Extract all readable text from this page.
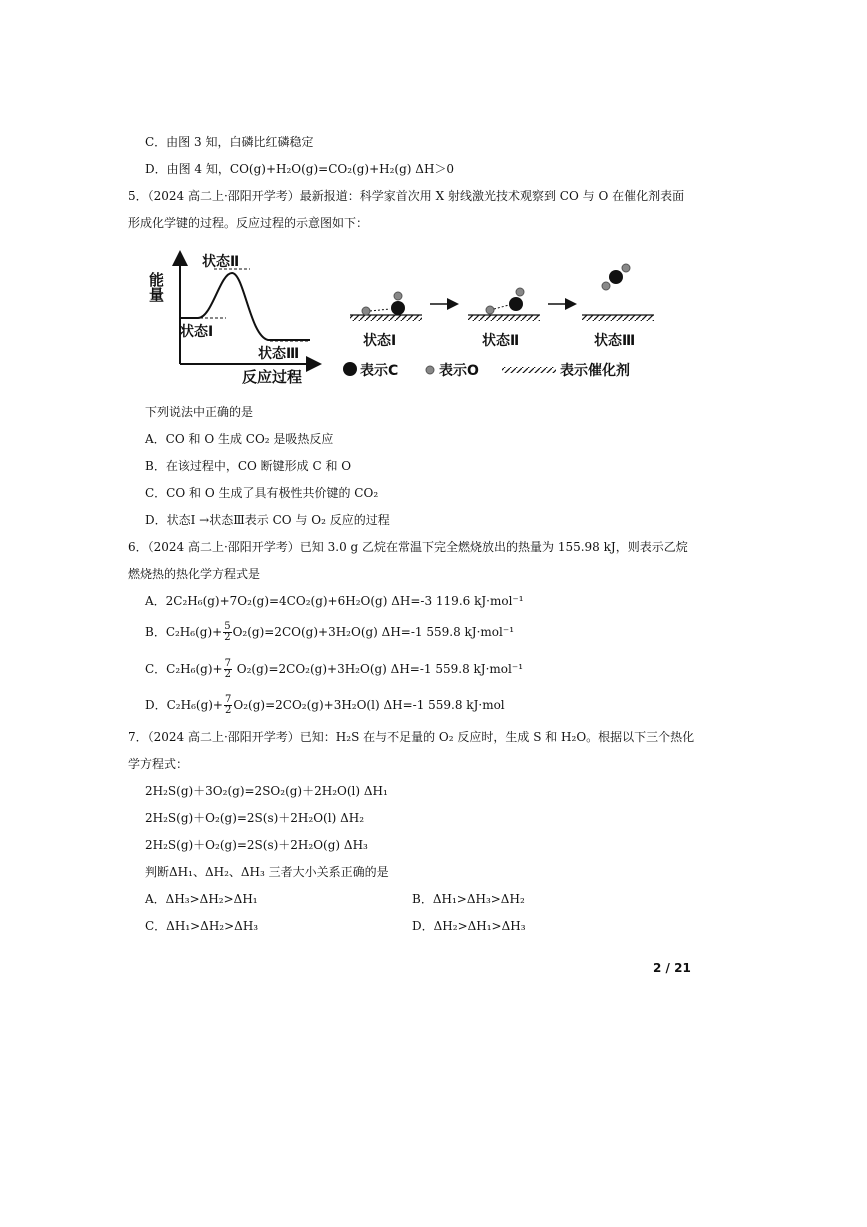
C．由图 3 知，白磷比红磷稳定
D．由图 4 知，CO(g)+H₂O(g)=CO₂(g)+H₂(g) ΔH＞0
5．（2024 高二上·邵阳开学考）最新报道：科学家首次用 X 射线激光技术观察到 CO 与 O 在催化剂表面
形成化学键的过程。反应过程的示意图如下：
能量
反应过程
状态Ⅱ
状态Ⅰ
状态Ⅲ
状态Ⅰ	状态Ⅱ	状态Ⅲ
表示C	表示O	表示催化剂
下列说法中正确的是
A．CO 和 O 生成 CO₂ 是吸热反应
B．在该过程中，CO 断键形成 C 和 O
C．CO 和 O 生成了具有极性共价键的 CO₂
D．状态Ⅰ →状态Ⅲ表示 CO 与 O₂ 反应的过程
6．（2024 高二上·邵阳开学考）已知 3.0 g 乙烷在常温下完全燃烧放出的热量为 155.98 kJ，则表示乙烷
燃烧热的热化学方程式是
A．2C₂H₆(g)+7O₂(g)=4CO₂(g)+6H₂O(g) ΔH=-3 119.6 kJ·mol⁻¹
B．$C_2H_6(g)+ \frac{5}{2} O_2(g)=2CO(g)+3H_2O(g)$ ΔH=-1 559.8 kJ·mol⁻¹
C．$C_2H_6(g)+ \frac{7}{2} O_2(g)=2CO_2(g)+3H_2O(g)$ ΔH=-1 559.8 kJ·mol⁻¹
D．$C_2H_6(g)+ \frac{7}{2} O_2(g)=2CO_2(g)+3H_2O(l)$ ΔH=-1 559.8 kJ·mol
7．（2024 高二上·邵阳开学考）已知：H₂S 在与不足量的 O₂ 反应时，生成 S 和 H₂O。根据以下三个热化
学方程式：
2H₂S(g)＋3O₂(g)=2SO₂(g)＋2H₂O(l) ΔH₁
2H₂S(g)＋O₂(g)=2S(s)＋2H₂O(l) ΔH₂
2H₂S(g)＋O₂(g)=2S(s)＋2H₂O(g) ΔH₃
判断ΔH₁、ΔH₂、ΔH₃ 三者大小关系正确的是
A．ΔH₃>ΔH₂>ΔH₁	B．ΔH₁>ΔH₃>ΔH₂
C．ΔH₁>ΔH₂>ΔH₃	D．ΔH₂>ΔH₁>ΔH₃
2 / 21
